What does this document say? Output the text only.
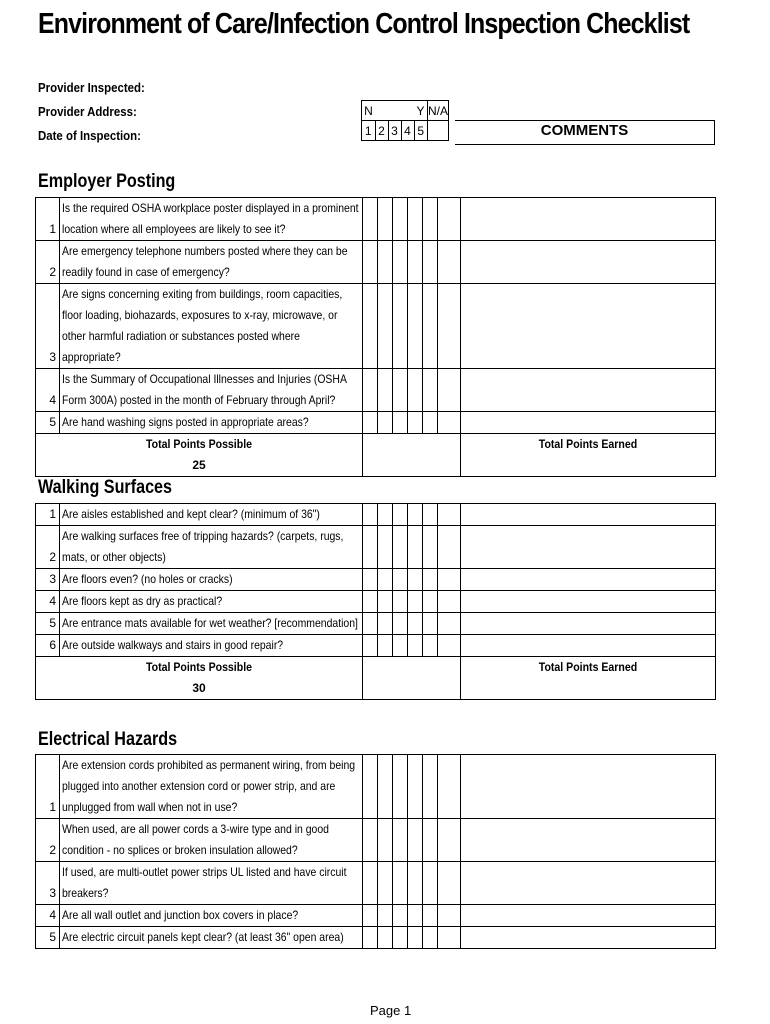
Environment of Care/Infection Control Inspection Checklist
Provider Inspected:
Provider Address:
Date of Inspection:
N				Y	N/A
1	2	3	4	5		COMMENTS
Employer Posting
1	Is the required OSHA workplace poster displayed in a prominent location where all employees are likely to see it?							
2	Are emergency telephone numbers posted where they can be readily found in case of emergency?							
3	Are signs concerning exiting from buildings, room capacities, floor loading, biohazards, exposures to x-ray, microwave, or other harmful radiation or substances posted where appropriate?							
4	Is the Summary of Occupational Illnesses and Injuries (OSHA Form 300A) posted in the month of February through April?							
5	Are hand washing signs posted in appropriate areas?							

Total Points Possible
25								Total Points Earned
Walking Surfaces
1	Are aisles established and kept clear? (minimum of 36")							
2	Are walking surfaces free of tripping hazards? (carpets, rugs, mats, or other objects)							
3	Are floors even? (no holes or cracks)							
4	Are floors kept as dry as practical?							
5	Are entrance mats available for wet weather? [recommendation]							
6	Are outside walkways and stairs in good repair?							

Total Points Possible
30								Total Points Earned
Electrical Hazards
1	Are extension cords prohibited as permanent wiring, from being plugged into another extension cord or power strip, and are unplugged from wall when not in use?							
2	When used, are all power cords a 3-wire type and in good condition - no splices or broken insulation allowed?							
3	If used, are multi-outlet power strips UL listed and have circuit breakers?							
4	Are all wall outlet and junction box covers in place?							
5	Are electric circuit panels kept clear? (at least 36" open area)							
Page 1
